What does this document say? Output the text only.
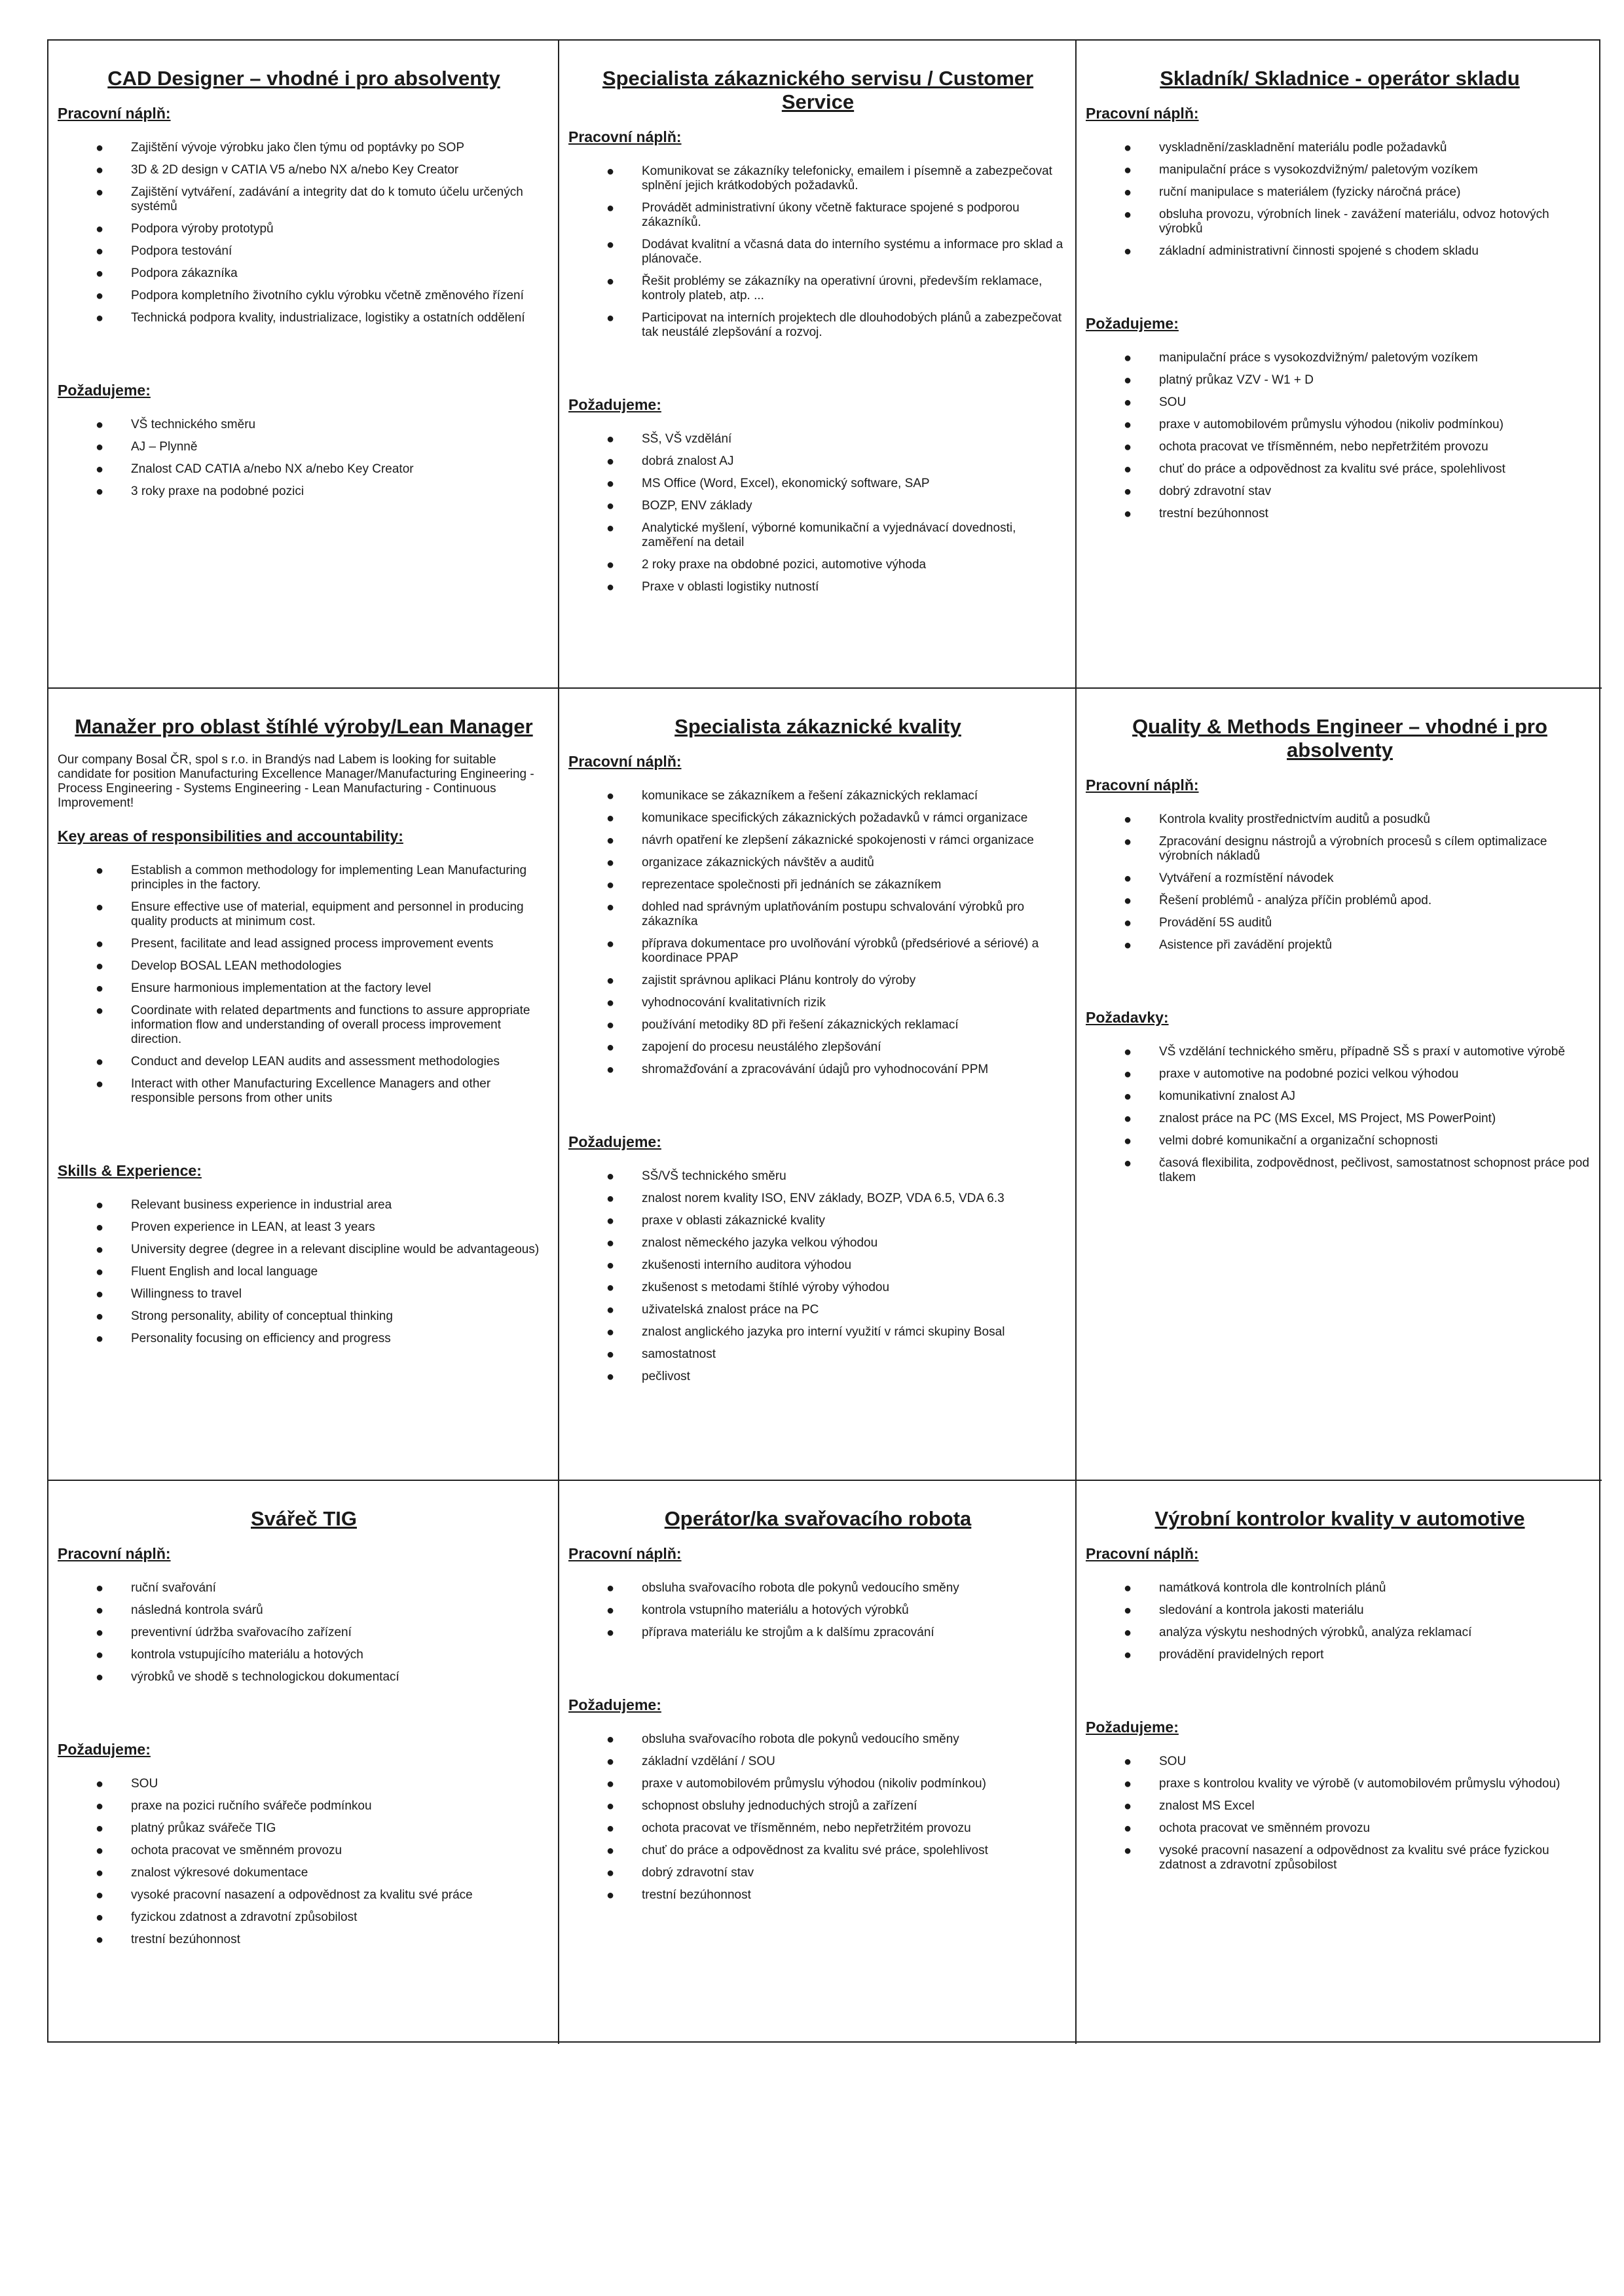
CAD Designer – vhodné i pro absolventy
Pracovní náplň:
● Zajištění vývoje výrobku jako člen týmu od poptávky po SOP
● 3D & 2D design v CATIA V5 a/nebo NX a/nebo Key Creator
● Zajištění vytváření, zadávání a integrity dat do k tomuto účelu určených systémů
● Podpora výroby prototypů
● Podpora testování
● Podpora zákazníka
● Podpora kompletního životního cyklu výrobku včetně změnového řízení
● Technická podpora kvality, industrializace, logistiky a ostatních oddělení
Požadujeme:
● VŠ technického směru
● AJ – Plynně
● Znalost CAD CATIA a/nebo NX a/nebo Key Creator
● 3 roky praxe na podobné pozici
Specialista zákaznického servisu / Customer Service
Pracovní náplň:
● Komunikovat se zákazníky telefonicky, emailem i písemně a zabezpečovat splnění jejich krátkodobých požadavků.
● Provádět administrativní úkony včetně fakturace spojené s podporou zákazníků.
● Dodávat kvalitní a včasná data do interního systému a informace pro sklad a plánovače.
● Řešit problémy se zákazníky na operativní úrovni, především reklamace, kontroly plateb, atp. ...
● Participovat na interních projektech dle dlouhodobých plánů a zabezpečovat tak neustálé zlepšování a rozvoj.
Požadujeme:
● SŠ, VŠ vzdělání
● dobrá znalost AJ
● MS Office (Word, Excel), ekonomický software, SAP
● BOZP, ENV základy
● Analytické myšlení, výborné komunikační a vyjednávací dovednosti, zaměření na detail
● 2 roky praxe na obdobné pozici, automotive výhoda
● Praxe v oblasti logistiky nutností
Skladník/ Skladnice - operátor skladu
Pracovní náplň:
● vyskladnění/zaskladnění materiálu podle požadavků
● manipulační práce s vysokozdvižným/ paletovým vozíkem
● ruční manipulace s materiálem (fyzicky náročná práce)
● obsluha provozu, výrobních linek - zavážení materiálu, odvoz hotových výrobků
● základní administrativní činnosti spojené s chodem skladu
Požadujeme:
● manipulační práce s vysokozdvižným/ paletovým vozíkem
● platný průkaz VZV - W1 + D
● SOU
● praxe v automobilovém průmyslu výhodou (nikoliv podmínkou)
● ochota pracovat ve třísměnném, nebo nepřetržitém provozu
● chuť do práce a odpovědnost za kvalitu své práce, spolehlivost
● dobrý zdravotní stav
● trestní bezúhonnost
Manažer pro oblast štíhlé výroby/Lean Manager
Our company Bosal ČR, spol s r.o. in Brandýs nad Labem is looking for suitable candidate for position Manufacturing Excellence Manager/Manufacturing Engineering - Process Engineering - Systems Engineering - Lean Manufacturing - Continuous Improvement!
Key areas of responsibilities and accountability:
● Establish a common methodology for implementing Lean Manufacturing principles in the factory.
● Ensure effective use of material, equipment and personnel in producing quality products at minimum cost.
● Present, facilitate and lead assigned process improvement events
● Develop BOSAL LEAN methodologies
● Ensure harmonious implementation at the factory level
● Coordinate with related departments and functions to assure appropriate information flow and understanding of overall process improvement direction.
● Conduct and develop LEAN audits and assessment methodologies
● Interact with other Manufacturing Excellence Managers and other responsible persons from other units
Skills & Experience:
● Relevant business experience in industrial area
● Proven experience in LEAN, at least 3 years
● University degree (degree in a relevant discipline would be advantageous)
● Fluent English and local language
● Willingness to travel
● Strong personality, ability of conceptual thinking
● Personality focusing on efficiency and progress
Specialista zákaznické kvality
Pracovní náplň:
● komunikace se zákazníkem a řešení zákaznických reklamací
● komunikace specifických zákaznických požadavků v rámci organizace
● návrh opatření ke zlepšení zákaznické spokojenosti v rámci organizace
● organizace zákaznických návštěv a auditů
● reprezentace společnosti při jednáních se zákazníkem
● dohled nad správným uplatňováním postupu schvalování výrobků pro zákazníka
● příprava dokumentace pro uvolňování výrobků (předsériové a sériové) a koordinace PPAP
● zajistit správnou aplikaci Plánu kontroly do výroby
● vyhodnocování kvalitativních rizik
● používání metodiky 8D při řešení zákaznických reklamací
● zapojení do procesu neustálého zlepšování
● shromažďování a zpracovávání údajů pro vyhodnocování PPM
Požadujeme:
● SŠ/VŠ technického směru
● znalost norem kvality ISO, ENV základy, BOZP, VDA 6.5, VDA 6.3
● praxe v oblasti zákaznické kvality
● znalost německého jazyka velkou výhodou
● zkušenosti interního auditora výhodou
● zkušenost s metodami štíhlé výroby výhodou
● uživatelská znalost práce na PC
● znalost anglického jazyka pro interní využití v rámci skupiny Bosal
● samostatnost
● pečlivost
Quality & Methods Engineer – vhodné i pro absolventy
Pracovní náplň:
● Kontrola kvality prostřednictvím auditů a posudků
● Zpracování designu nástrojů a výrobních procesů s cílem optimalizace výrobních nákladů
● Vytváření a rozmístění návodek
● Řešení problémů - analýza příčin problémů apod.
● Provádění 5S auditů
● Asistence při zavádění projektů
Požadavky:
● VŠ vzdělání technického směru, případně SŠ s praxí v automotive výrobě
● praxe v automotive na podobné pozici velkou výhodou
● komunikativní znalost AJ
● znalost práce na PC (MS Excel, MS Project, MS PowerPoint)
● velmi dobré komunikační a organizační schopnosti
● časová flexibilita, zodpovědnost, pečlivost, samostatnost schopnost práce pod tlakem
Svářeč TIG
Pracovní náplň:
● ruční svařování
● následná kontrola svárů
● preventivní údržba svařovacího zařízení
● kontrola vstupujícího materiálu a hotových
● výrobků ve shodě s technologickou dokumentací
Požadujeme:
● SOU
● praxe na pozici ručního svářeče podmínkou
● platný průkaz svářeče TIG
● ochota pracovat ve směnném provozu
● znalost výkresové dokumentace
● vysoké pracovní nasazení a odpovědnost za kvalitu své práce
● fyzickou zdatnost a zdravotní způsobilost
● trestní bezúhonnost
Operátor/ka svařovacího robota
Pracovní náplň:
● obsluha svařovacího robota dle pokynů vedoucího směny
● kontrola vstupního materiálu a hotových výrobků
● příprava materiálu ke strojům a k dalšímu zpracování
Požadujeme:
● obsluha svařovacího robota dle pokynů vedoucího směny
● základní vzdělání / SOU
● praxe v automobilovém průmyslu výhodou (nikoliv podmínkou)
● schopnost obsluhy jednoduchých strojů a zařízení
● ochota pracovat ve třísměnném, nebo nepřetržitém provozu
● chuť do práce a odpovědnost za kvalitu své práce, spolehlivost
● dobrý zdravotní stav
● trestní bezúhonnost
Výrobní kontrolor kvality v automotive
Pracovní náplň:
● namátková kontrola dle kontrolních plánů
● sledování a kontrola jakosti materiálu
● analýza výskytu neshodných výrobků, analýza reklamací
● provádění pravidelných report
Požadujeme:
● SOU
● praxe s kontrolou kvality ve výrobě (v automobilovém průmyslu výhodou)
● znalost MS Excel
● ochota pracovat ve směnném provozu
● vysoké pracovní nasazení a odpovědnost za kvalitu své práce fyzickou zdatnost a zdravotní způsobilost
